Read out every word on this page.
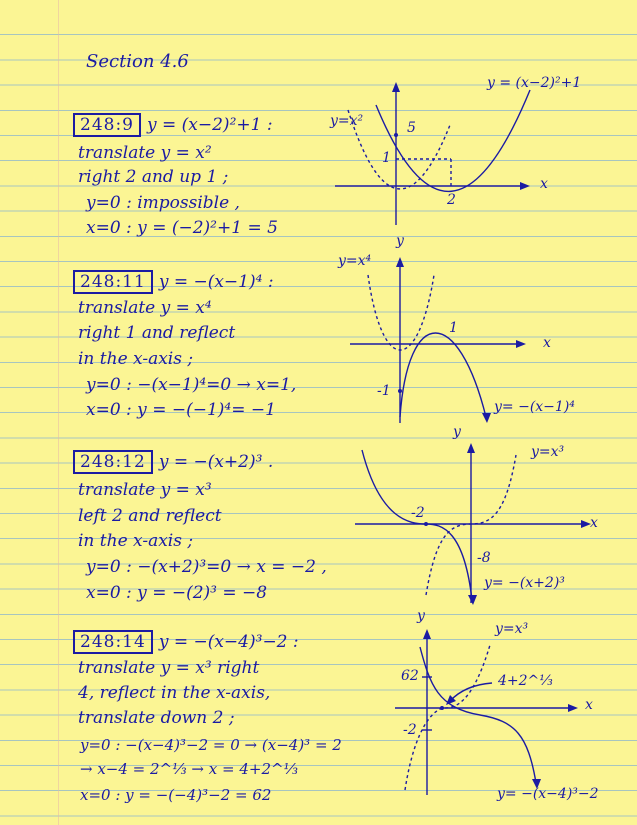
Section 4.6
248:9 y = (x−2)²+1 :
translate y = x²
right 2 and up 1 ;
y=0 : impossible ,
x=0 : y = (−2)²+1 = 5
y = (x−2)²+1
y=x²	5
1
2
x
248:11 y = −(x−1)⁴ :
translate y = x⁴
right 1 and reflect
in the x-axis ;
y=0 : −(x−1)⁴=0 → x=1,
x=0 : y = −(−1)⁴= −1
y=x⁴
y
1
x
-1
y= −(x−1)⁴
248:12 y = −(x+2)³ .
translate y = x³
left 2 and reflect
in the x-axis ;
y=0 : −(x+2)³=0 → x = −2 ,
x=0 : y = −(2)³ = −8
y
y=x³
-2
x
-8
y= −(x+2)³
248:14 y = −(x−4)³−2 :
translate y = x³ right
4, reflect in the x-axis,
translate down 2 ;
y=0 : −(x−4)³−2 = 0 → (x−4)³ = 2
→ x−4 = 2^⅓ → x = 4+2^⅓
x=0 : y = −(−4)³−2 = 62
y
y=x³
62	4+2^⅓
x
-2
y= −(x−4)³−2
